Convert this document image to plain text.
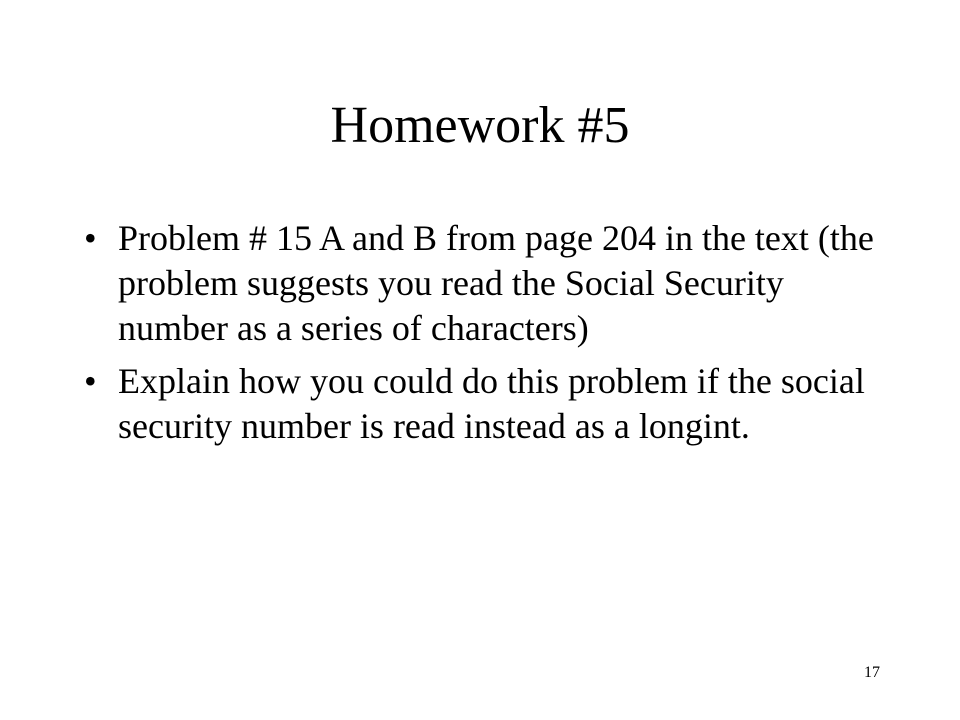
Homework #5
• Problem # 15 A and B from page 204 in the text (the problem suggests you read the Social Security number as a series of characters)
• Explain how you could do this problem if the social security number is read instead as a longint.
17
